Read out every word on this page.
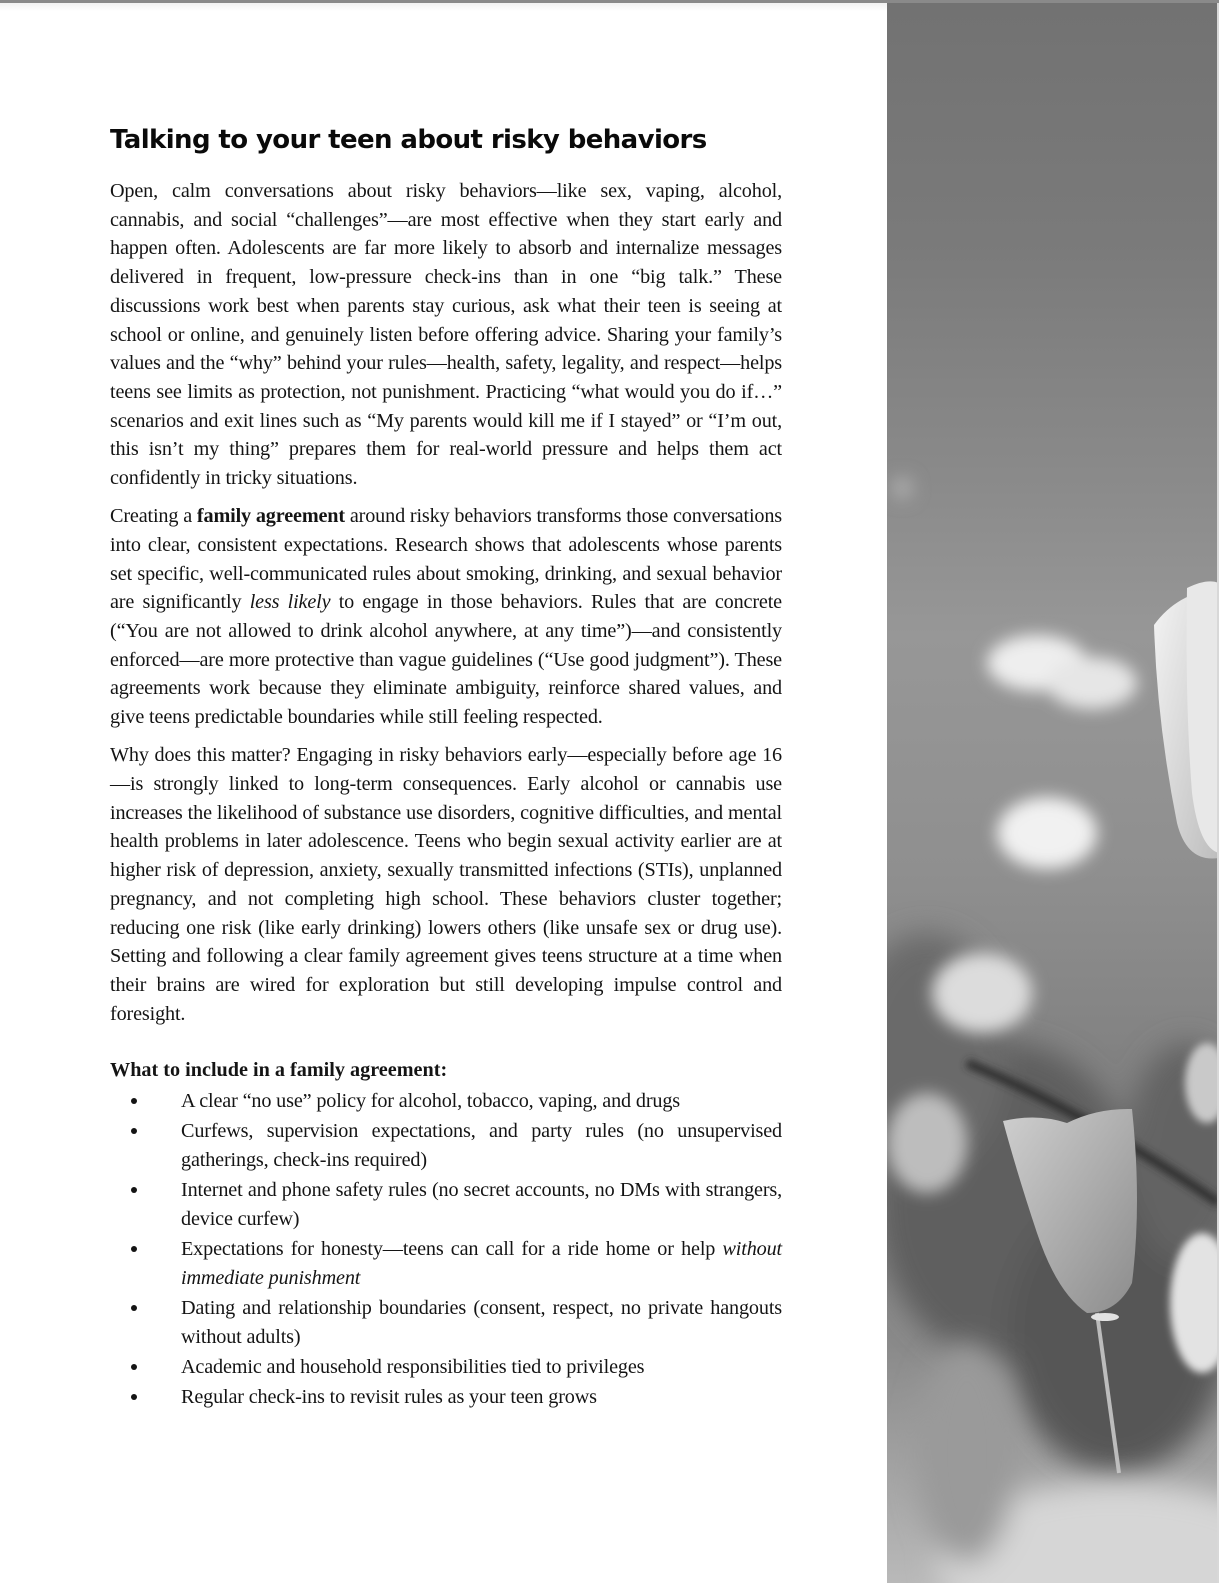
Talking to your teen about risky behaviors

Open, calm conversations about risky behaviors—like sex, vaping, alcohol, cannabis, and social “challenges”—are most effective when they start early and happen often. Adolescents are far more likely to absorb and internalize messages delivered in frequent, low-pressure check-ins than in one “big talk.” These discussions work best when parents stay curious, ask what their teen is seeing at school or online, and genuinely listen before offering advice. Sharing your family’s values and the “why” behind your rules—health, safety, legality, and respect—helps teens see limits as protection, not punishment. Practicing “what would you do if…” scenarios and exit lines such as “My parents would kill me if I stayed” or “I’m out, this isn’t my thing” prepares them for real-world pressure and helps them act confidently in tricky situations.

Creating a family agreement around risky behaviors transforms those conversations into clear, consistent expectations. Research shows that adolescents whose parents set specific, well-communicated rules about smoking, drinking, and sexual behavior are significantly less likely to engage in those behaviors. Rules that are concrete (“You are not allowed to drink alcohol anywhere, at any time”)—and consistently enforced—are more protective than vague guidelines (“Use good judgment”). These agreements work because they eliminate ambiguity, reinforce shared values, and give teens predictable boundaries while still feeling respected.

Why does this matter? Engaging in risky behaviors early—especially before age 16—is strongly linked to long-term consequences. Early alcohol or cannabis use increases the likelihood of substance use disorders, cognitive difficulties, and mental health problems in later adolescence. Teens who begin sexual activity earlier are at higher risk of depression, anxiety, sexually transmitted infections (STIs), unplanned pregnancy, and not completing high school. These behaviors cluster together; reducing one risk (like early drinking) lowers others (like unsafe sex or drug use). Setting and following a clear family agreement gives teens structure at a time when their brains are wired for exploration but still developing impulse control and foresight.

What to include in a family agreement:
A clear “no use” policy for alcohol, tobacco, vaping, and drugs
Curfews, supervision expectations, and party rules (no unsupervised gatherings, check-ins required)
Internet and phone safety rules (no secret accounts, no DMs with strangers, device curfew)
Expectations for honesty—teens can call for a ride home or help without immediate punishment
Dating and relationship boundaries (consent, respect, no private hangouts without adults)
Academic and household responsibilities tied to privileges
Regular check-ins to revisit rules as your teen grows
